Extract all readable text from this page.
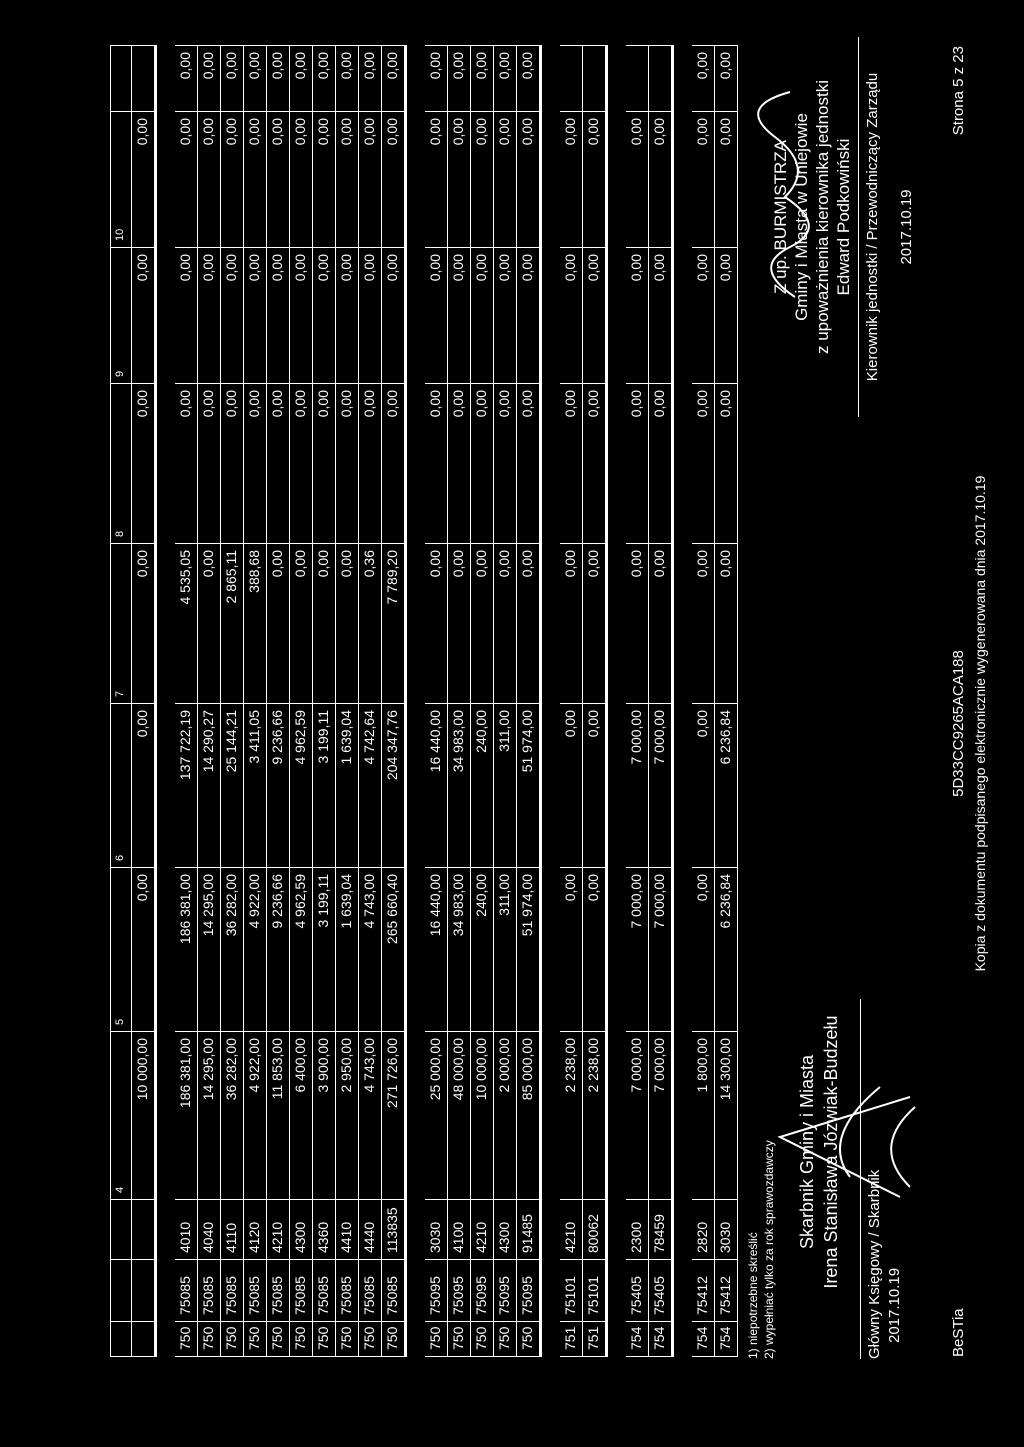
4
5
6
7
8
9
10
10 000,00
0,00
0,00
0,00
0,00
0,00
0,00
750
75085
4010
186 381,00
186 381,00
137 722,19
4 535,05
0,00
0,00
0,00
0,00
750
75085
4040
14 295,00
14 295,00
14 290,27
0,00
0,00
0,00
0,00
0,00
750
75085
4110
36 282,00
36 282,00
25 144,21
2 865,11
0,00
0,00
0,00
0,00
750
75085
4120
4 922,00
4 922,00
3 411,05
388,68
0,00
0,00
0,00
0,00
750
75085
4210
11 853,00
9 236,66
9 236,66
0,00
0,00
0,00
0,00
0,00
750
75085
4300
6 400,00
4 962,59
4 962,59
0,00
0,00
0,00
0,00
0,00
750
75085
4360
3 900,00
3 199,11
3 199,11
0,00
0,00
0,00
0,00
0,00
750
75085
4410
2 950,00
1 639,04
1 639,04
0,00
0,00
0,00
0,00
0,00
750
75085
4440
4 743,00
4 743,00
4 742,64
0,36
0,00
0,00
0,00
0,00
750
75085
113835
271 726,00
265 660,40
204 347,76
7 789,20
0,00
0,00
0,00
0,00
750
75095
3030
25 000,00
16 440,00
16 440,00
0,00
0,00
0,00
0,00
0,00
750
75095
4100
48 000,00
34 983,00
34 983,00
0,00
0,00
0,00
0,00
0,00
750
75095
4210
10 000,00
240,00
240,00
0,00
0,00
0,00
0,00
0,00
750
75095
4300
2 000,00
311,00
311,00
0,00
0,00
0,00
0,00
0,00
750
75095
91485
85 000,00
51 974,00
51 974,00
0,00
0,00
0,00
0,00
0,00
751
75101
4210
2 238,00
0,00
0,00
0,00
0,00
0,00
0,00
751
75101
80062
2 238,00
0,00
0,00
0,00
0,00
0,00
0,00
754
75405
2300
7 000,00
7 000,00
7 000,00
0,00
0,00
0,00
0,00
754
75405
78459
7 000,00
7 000,00
7 000,00
0,00
0,00
0,00
0,00
754
75412
2820
1 800,00
0,00
0,00
0,00
0,00
0,00
0,00
0,00
754
75412
3030
14 300,00
6 236,84
6 236,84
0,00
0,00
0,00
0,00
0,00
1) niepotrzebne skreślić 2) wypełniać tylko za rok sprawozdawczy Skarbnik Gminy i Miasta Irena Stanisława Józwiak-Budzełu Główny Księgowy / Skarbnik 2017.10.19
Z up. BURMISTRZA Gminy i Miasta w Uniejowie z upoważnienia kierownika jednostki Edward Podkowiński Kierownik jednostki / Przewodniczący Zarządu 2017.10.19
BeSTia
5D33CC9265ACA188 Kopia z dokumentu podpisanego elektronicznie wygenerowana dnia 2017.10.19
Strona 5 z 23
